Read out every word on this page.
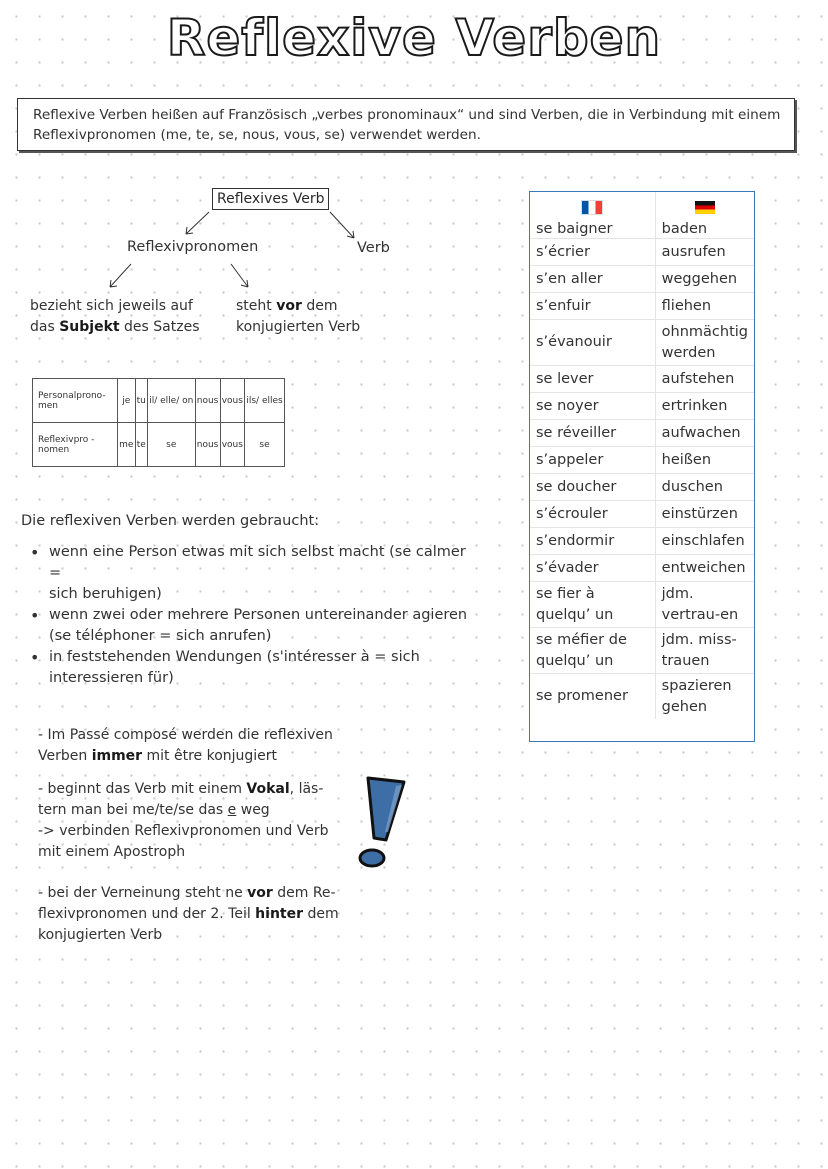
Reflexive Verben
Reflexive Verben heißen auf Französisch „verbes pronominaux“ und sind Verben, die in Verbindung mit einem
Reflexivpronomen (me, te, se, nous, vous, se) verwendet werden.
Reflexives Verb
Reflexivpronomen	Verb
bezieht sich jeweils auf
das Subjekt des Satzes
steht vor dem
konjugierten Verb
Personalprono-men	je	tu	il/ elle/ on	nous	vous	ils/ elles
Reflexivpro - nomen	me	te	se	nous	vous	se
Die reflexiven Verben werden gebraucht:
• wenn eine Person etwas mit sich selbst macht (se calmer =
sich beruhigen)
• wenn zwei oder mehrere Personen untereinander agieren
(se téléphoner = sich anrufen)
• in feststehenden Wendungen (s'intéresser à = sich
interessieren für)
- Im Passé composé werden die reflexiven
Verben immer mit être konjugiert
- beginnt das Verb mit einem Vokal, läs-
tern man bei me/te/se das e weg
-> verbinden Reflexivpronomen und Verb
mit einem Apostroph
- bei der Verneinung steht ne vor dem Re-
flexivpronomen und der 2. Teil hinter dem
konjugierten Verb

se baigner	baden
s’écrier	ausrufen
s’en aller	weggehen
s’enfuir	fliehen
s’évanouir	ohnmächtig werden
se lever	aufstehen
se noyer	ertrinken
se réveiller	aufwachen
s’appeler	heißen
se doucher	duschen
s’écrouler	einstürzen
s’endormir	einschlafen
s’évader	entweichen
se fier à quelqu’ un	jdm. vertrau-en
se méfier de quelqu’ un	jdm. miss-trauen
se promener	spazieren gehen
